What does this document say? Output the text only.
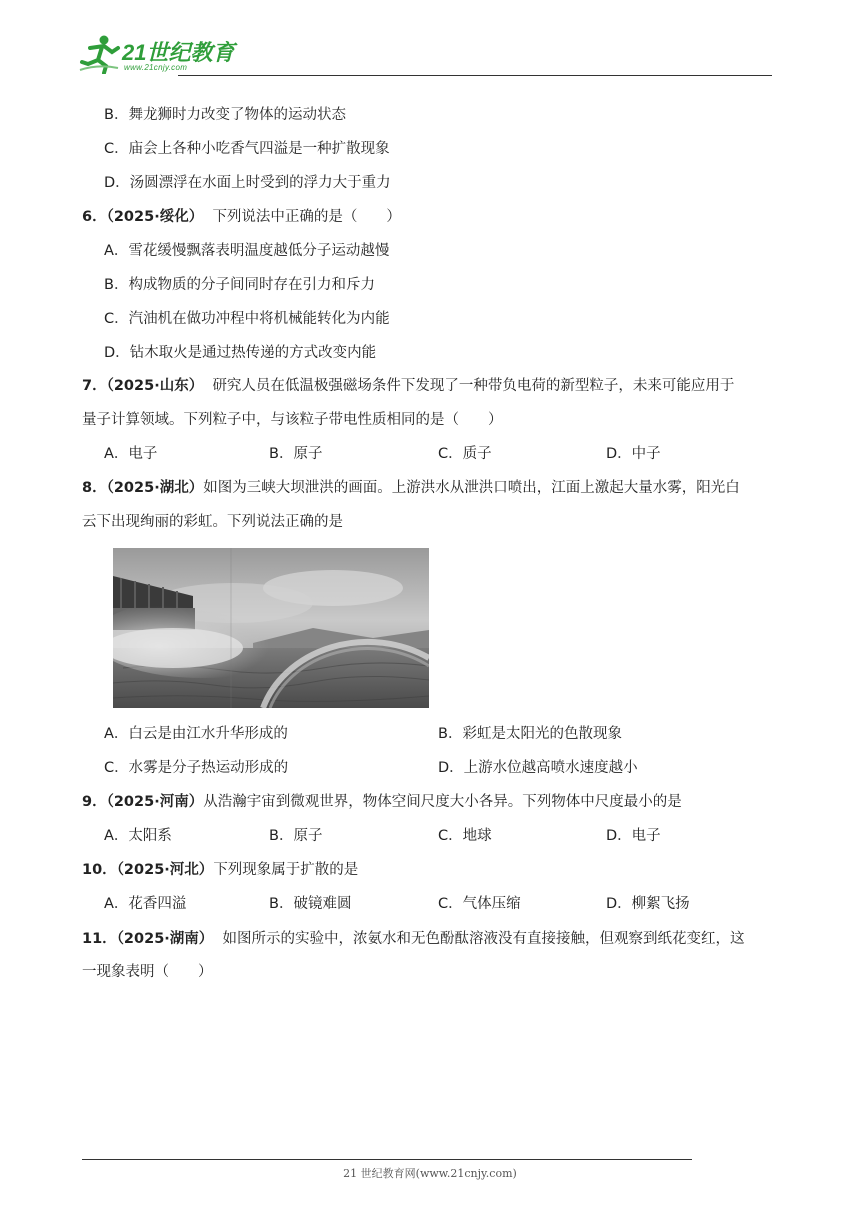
21世纪教育
www.21cnjy.com
B．舞龙狮时力改变了物体的运动状态
C．庙会上各种小吃香气四溢是一种扩散现象
D．汤圆漂浮在水面上时受到的浮力大于重力
6．（2025·绥化） 下列说法中正确的是（　　）
A．雪花缓慢飘落表明温度越低分子运动越慢
B．构成物质的分子间同时存在引力和斥力
C．汽油机在做功冲程中将机械能转化为内能
D．钻木取火是通过热传递的方式改变内能
7．（2025·山东） 研究人员在低温极强磁场条件下发现了一种带负电荷的新型粒子，未来可能应用于
量子计算领域。下列粒子中，与该粒子带电性质相同的是（　　）
A．电子	B．原子	C．质子	D．中子
8．（2025·湖北）如图为三峡大坝泄洪的画面。上游洪水从泄洪口喷出，江面上激起大量水雾，阳光白
云下出现绚丽的彩虹。下列说法正确的是
A．白云是由江水升华形成的	B．彩虹是太阳光的色散现象
C．水雾是分子热运动形成的	D．上游水位越高喷水速度越小
9．（2025·河南）从浩瀚宇宙到微观世界，物体空间尺度大小各异。下列物体中尺度最小的是
A．太阳系	B．原子	C．地球	D．电子
10．（2025·河北）下列现象属于扩散的是
A．花香四溢	B．破镜难圆	C．气体压缩	D．柳絮飞扬
11．（2025·湖南） 如图所示的实验中，浓氨水和无色酚酞溶液没有直接接触，但观察到纸花变红，这
一现象表明（　　）
21 世纪教育网(www.21cnjy.com)
